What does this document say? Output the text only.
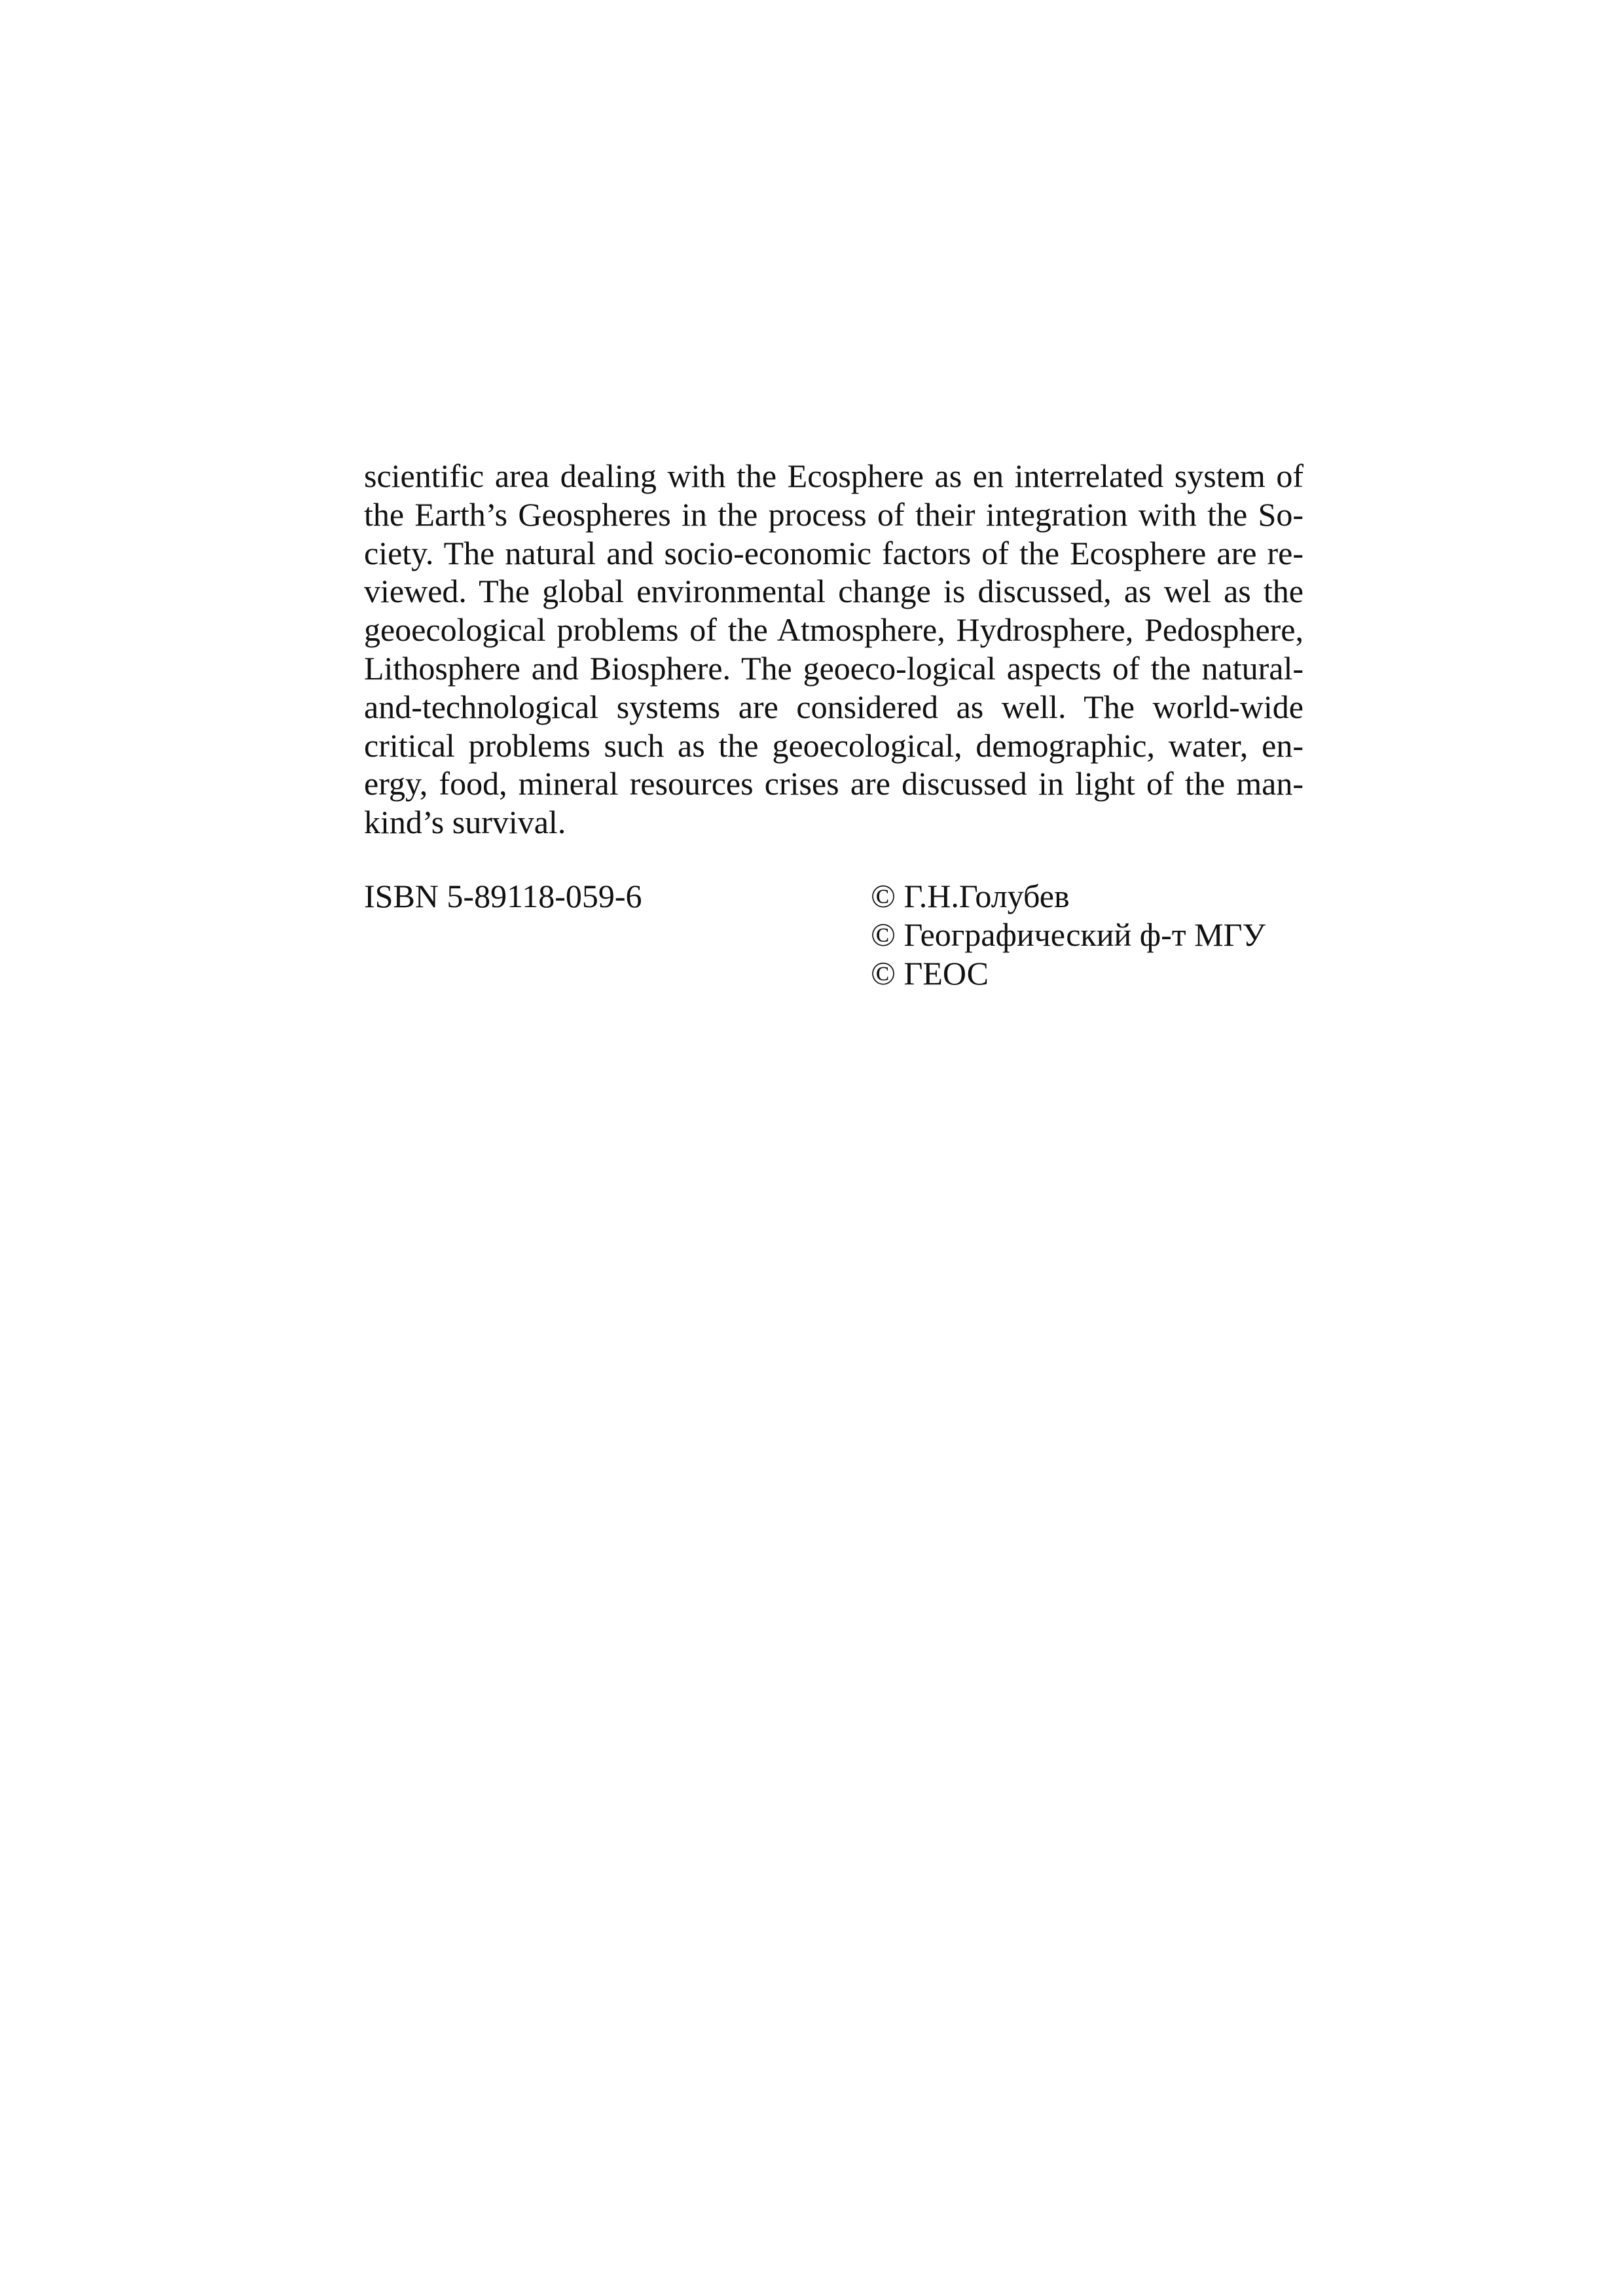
scientific area dealing with the Ecosphere as en interrelated system of
the Earth’s Geospheres in the process of their integration with the So-
ciety. The natural and socio-economic factors of the Ecosphere are re-
viewed. The global environmental change is discussed, as wel as the
geoecological problems of the Atmosphere, Hydrosphere, Pedosphere,
Lithosphere and Biosphere. The geoeco-logical aspects of the natural-
and-technological systems are considered as well. The world-wide
critical problems such as the geoecological, demographic, water, en-
ergy, food, mineral resources crises are discussed in light of the man-
kind’s survival.
ISBN 5-89118-059-6	© Г.Н.Голубев
© Географический ф-т МГУ
© ГЕОС
